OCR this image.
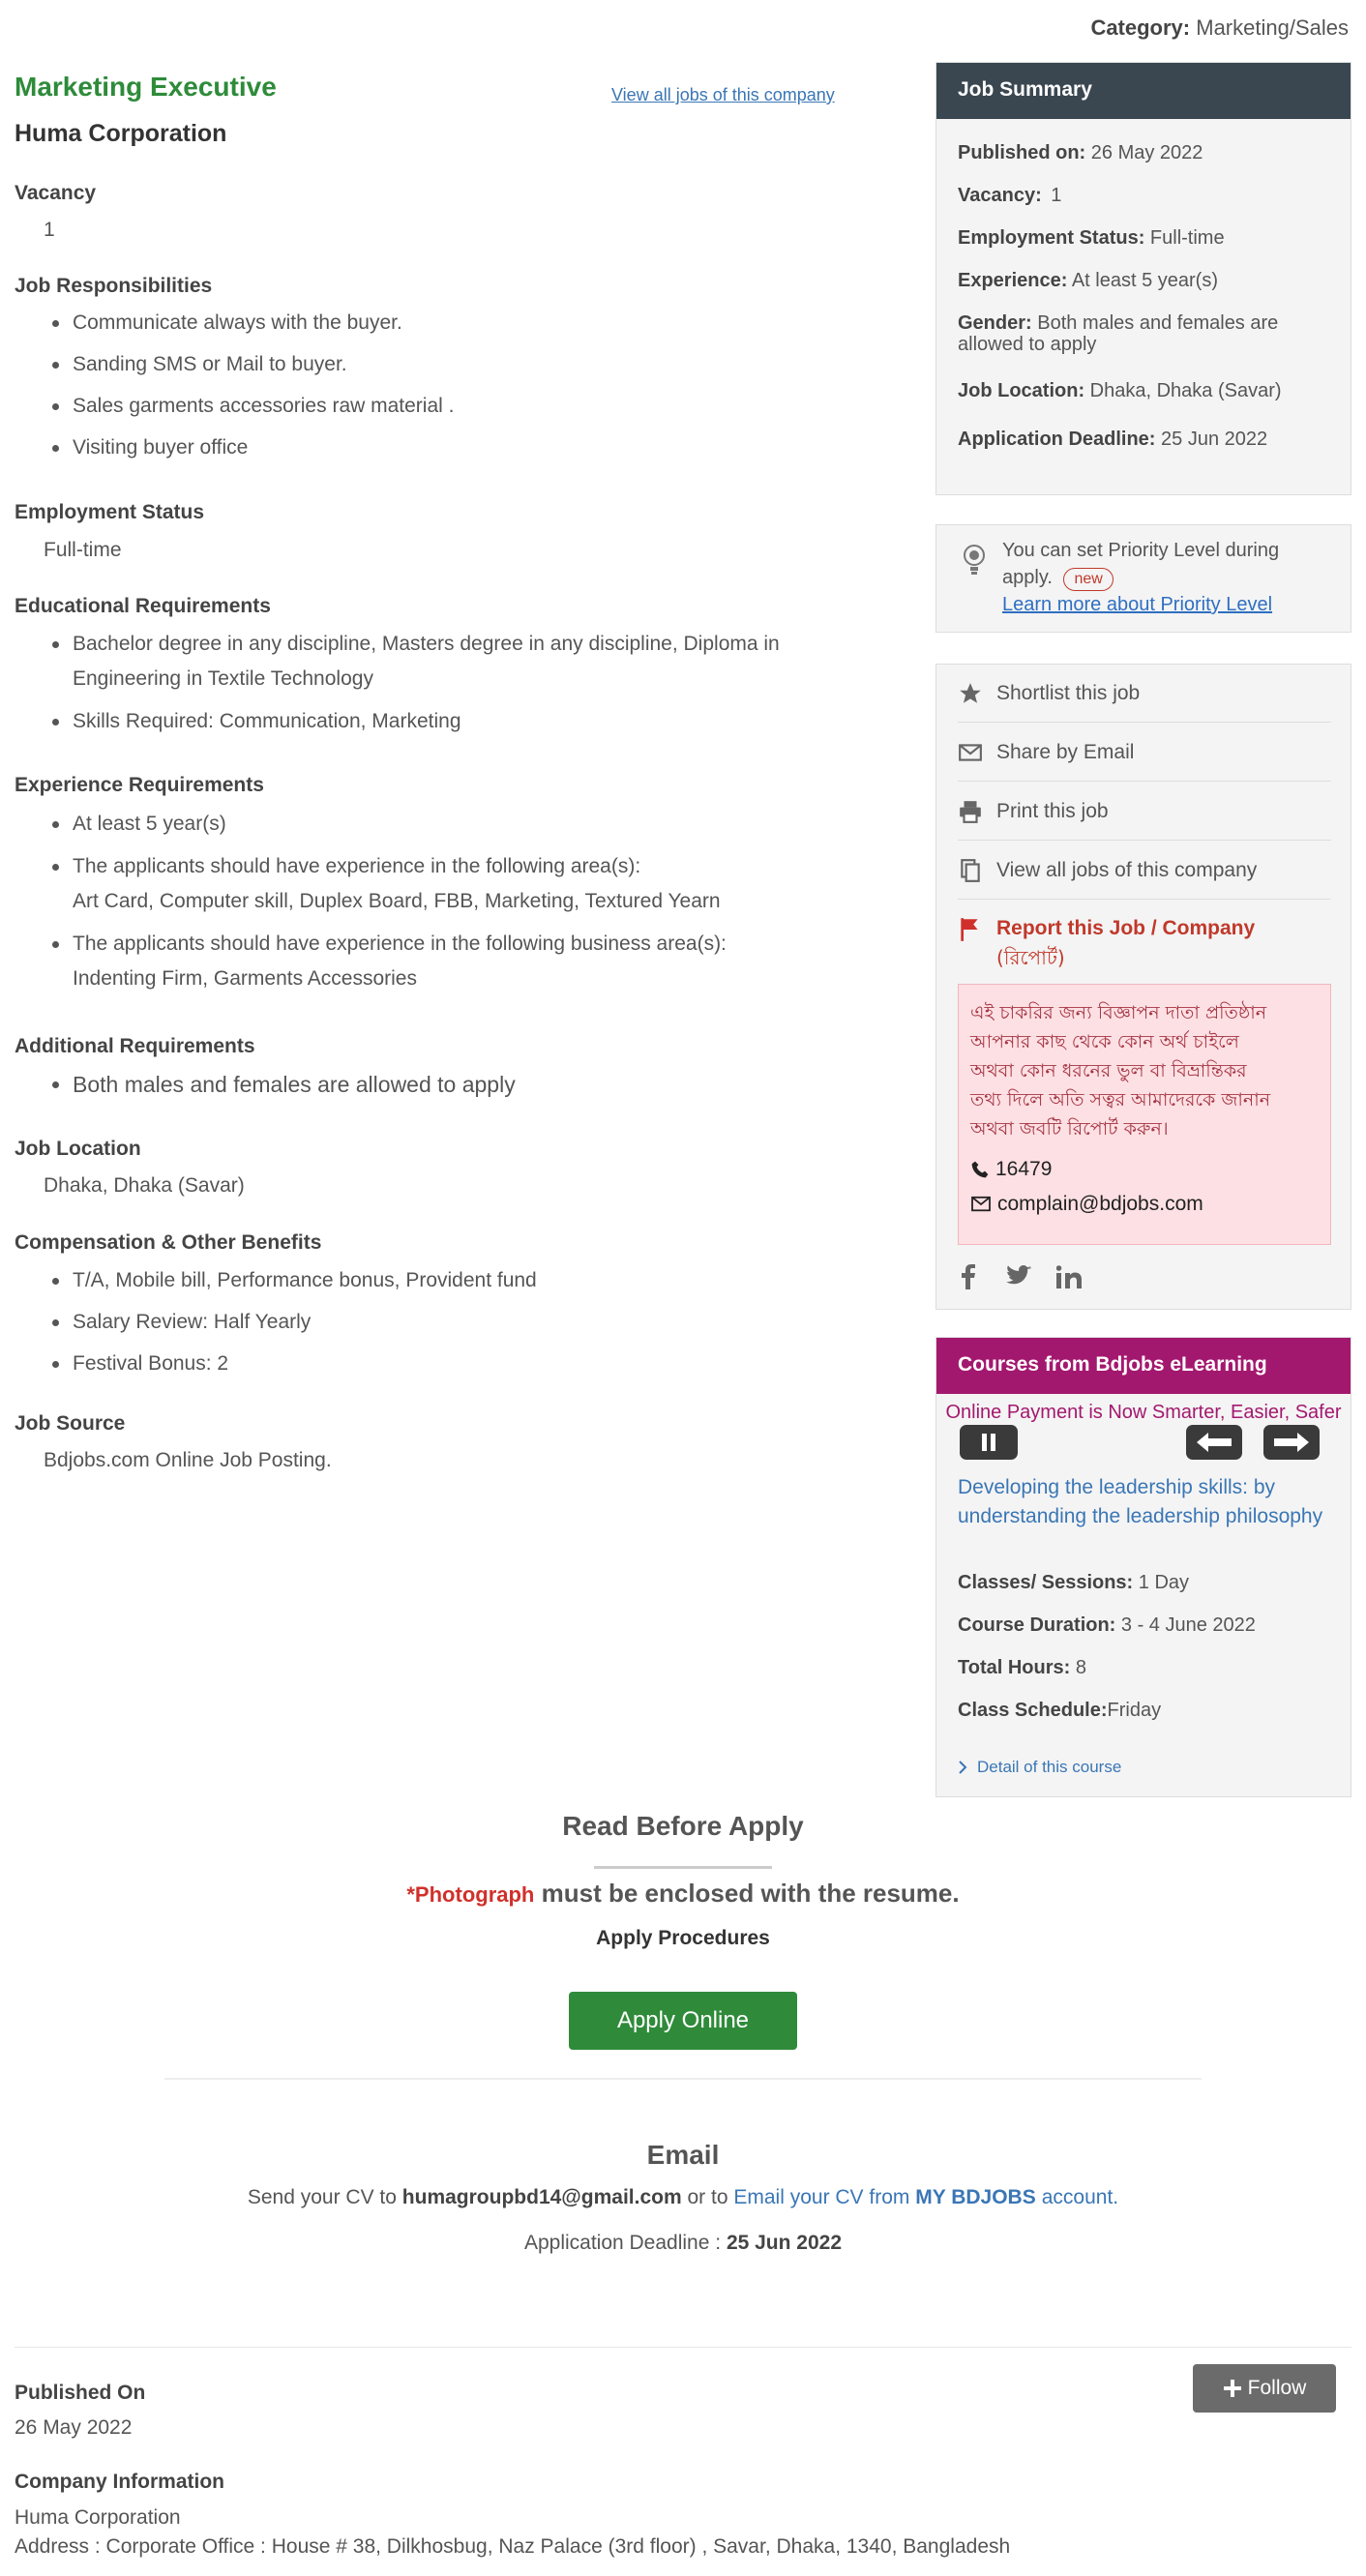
Category: Marketing/Sales
Marketing Executive
Huma Corporation
View all jobs of this company
Vacancy
1
Job Responsibilities
Communicate always with the buyer.
Sanding SMS or Mail to buyer.
Sales garments accessories raw material .
Visiting buyer office
Employment Status
Full-time
Educational Requirements
Bachelor degree in any discipline, Masters degree in any discipline, Diploma in
Engineering in Textile Technology
Skills Required: Communication, Marketing
Experience Requirements
At least 5 year(s)
The applicants should have experience in the following area(s):
Art Card, Computer skill, Duplex Board, FBB, Marketing, Textured Yearn
The applicants should have experience in the following business area(s):
Indenting Firm, Garments Accessories
Additional Requirements
Both males and females are allowed to apply
Job Location
Dhaka, Dhaka (Savar)
Compensation & Other Benefits
T/A, Mobile bill, Performance bonus, Provident fund
Salary Review: Half Yearly
Festival Bonus: 2
Job Source
Bdjobs.com Online Job Posting.
Job Summary
Published on: 26 May 2022
Vacancy: 1
Employment Status: Full-time
Experience: At least 5 year(s)
Gender: Both males and females are
allowed to apply
Job Location: Dhaka, Dhaka (Savar)
Application Deadline: 25 Jun 2022
You can set Priority Level during
apply. new
Learn more about Priority Level
Shortlist this job
Share by Email
Print this job
View all jobs of this company
Report this Job / Company
(রিপোর্ট)
এই চাকরির জন্য বিজ্ঞাপন দাতা প্রতিষ্ঠান
আপনার কাছ থেকে কোন অর্থ চাইলে
অথবা কোন ধরনের ভুল বা বিভ্রান্তিকর
তথ্য দিলে অতি সত্বর আমাদেরকে জানান
অথবা জবটি রিপোর্ট করুন।
16479
complain@bdjobs.com
Courses from Bdjobs eLearning
Online Payment is Now Smarter, Easier, Safer
Developing the leadership skills: by understanding the leadership philosophy
Classes/ Sessions: 1 Day
Course Duration: 3 - 4 June 2022
Total Hours: 8
Class Schedule:Friday
Detail of this course
Read Before Apply
*Photograph must be enclosed with the resume.
Apply Procedures
Apply Online
Email
Send your CV to humagroupbd14@gmail.com or to Email your CV from MY BDJOBS account.
Application Deadline : 25 Jun 2022
Follow
Published On
26 May 2022
Company Information
Huma Corporation
Address : Corporate Office : House # 38, Dilkhosbug, Naz Palace (3rd floor) , Savar, Dhaka, 1340, Bangladesh
